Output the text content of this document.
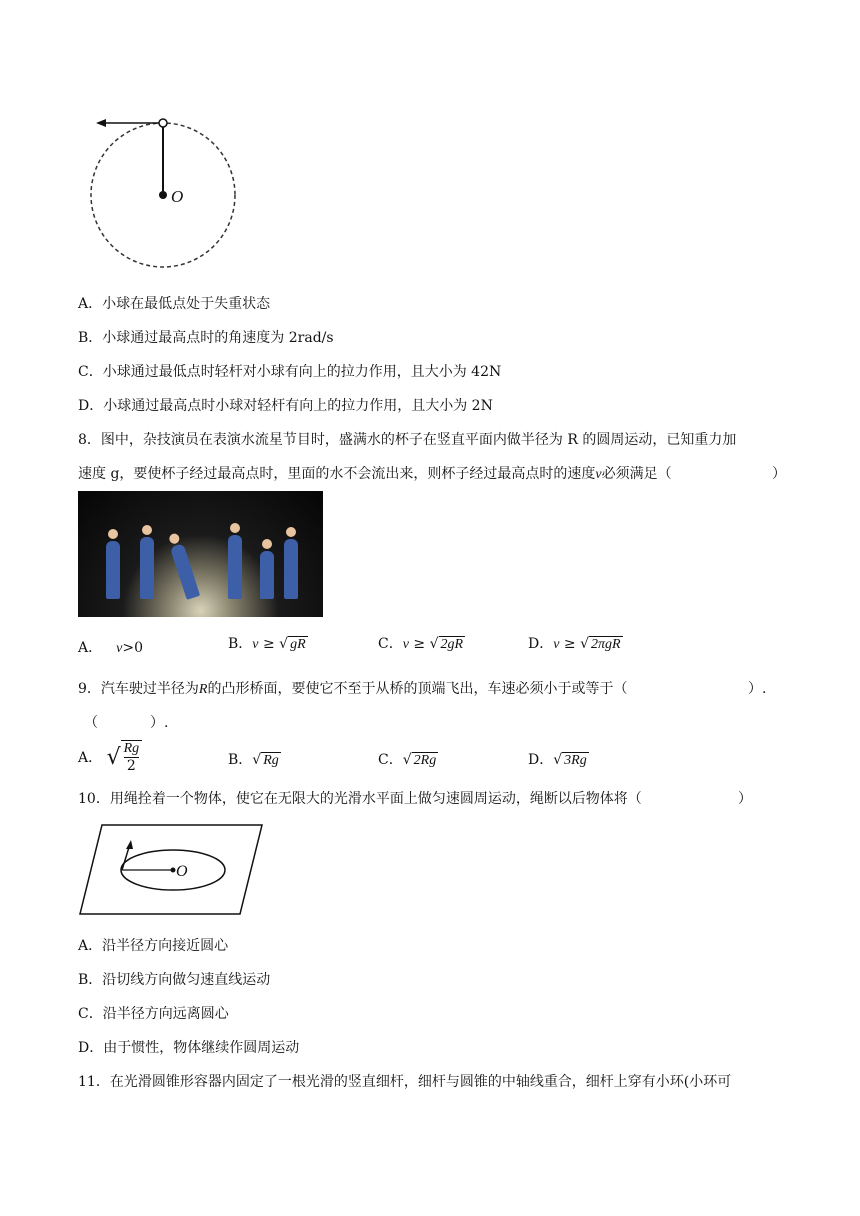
O
A．小球在最低点处于失重状态
B．小球通过最高点时的角速度为 2rad/s
C．小球通过最低点时轻杆对小球有向上的拉力作用，且大小为 42N
D．小球通过最高点时小球对轻杆有向上的拉力作用，且大小为 2N
8．图中，杂技演员在表演水流星节目时，盛满水的杯子在竖直平面内做半径为 R 的圆周运动，已知重力加
速度 g，要使杯子经过最高点时，里面的水不会流出来，则杯子经过最高点时的速度v必须满足（	）
A． v>0	B．v ≥ √ gR	C．v ≥ √ 2gR	D．v ≥ √ 2πgR
9．汽车驶过半径为R的凸形桥面，要使它不至于从桥的顶端飞出，车速必须小于或等于（	）.
（	）.
A． √ $\frac{Rg}{2}$	B．√ Rg	C．√ 2Rg	D．√ 3Rg
10．用绳拴着一个物体，使它在无限大的光滑水平面上做匀速圆周运动，绳断以后物体将（	）
O
A．沿半径方向接近圆心
B．沿切线方向做匀速直线运动
C．沿半径方向远离圆心
D．由于惯性，物体继续作圆周运动
11．在光滑圆锥形容器内固定了一根光滑的竖直细杆，细杆与圆锥的中轴线重合，细杆上穿有小环(小环可
